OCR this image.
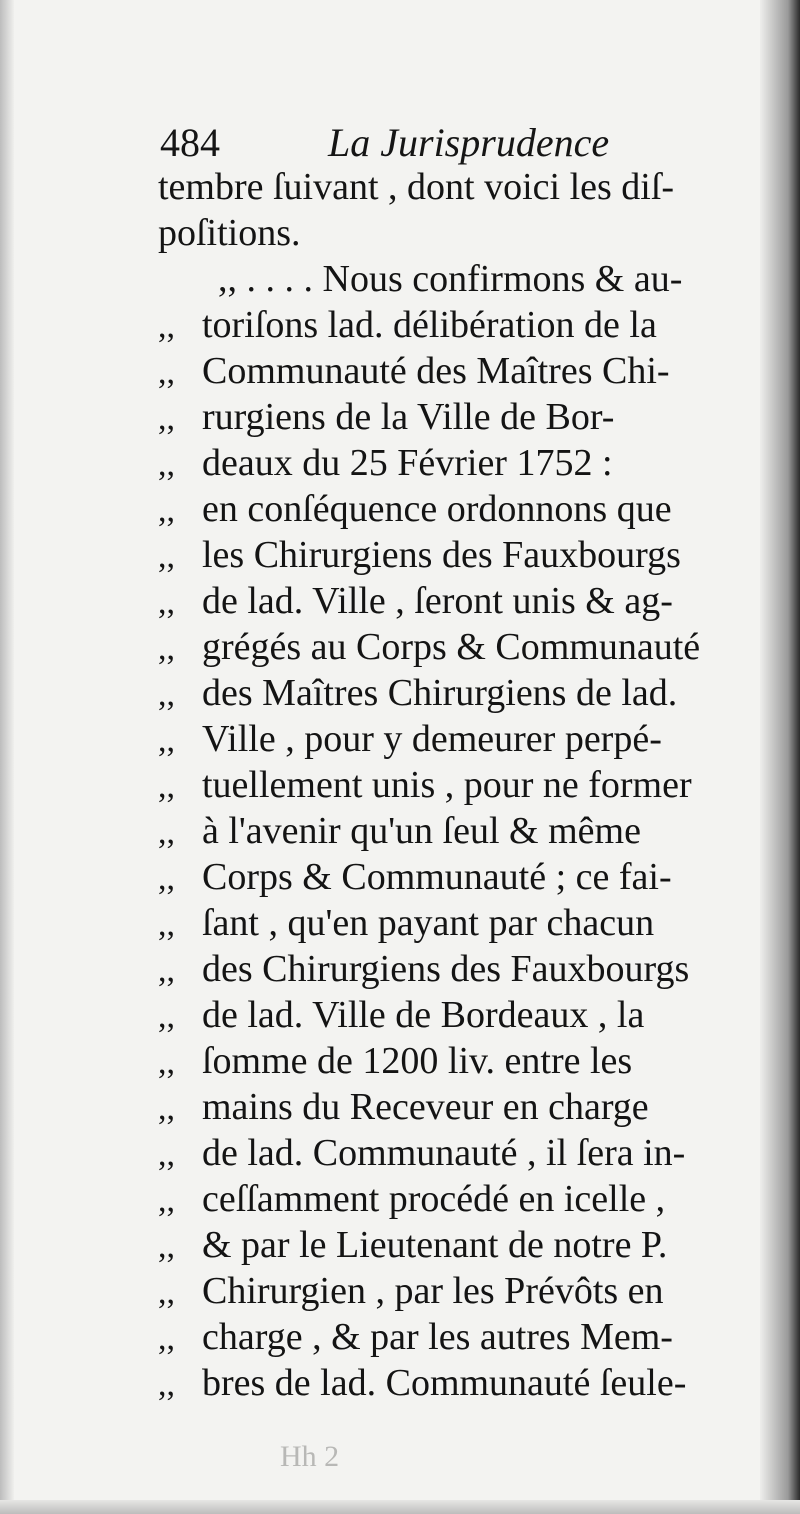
484	La Jurisprudence
tembre ſuivant , dont voici les diſ-
poſitions.
,, . . . . Nous confirmons & au-
,, toriſons lad. délibération de la
,, Communauté des Maîtres Chi-
,, rurgiens de la Ville de Bor-
,, deaux du 25 Février 1752 :
,, en conſéquence ordonnons que
,, les Chirurgiens des Fauxbourgs
,, de lad. Ville , ſeront unis & ag-
,, grégés au Corps & Communauté
,, des Maîtres Chirurgiens de lad.
,, Ville , pour y demeurer perpé-
,, tuellement unis , pour ne former
,, à l'avenir qu'un ſeul & même
,, Corps & Communauté ; ce fai-
,, ſant , qu'en payant par chacun
,, des Chirurgiens des Fauxbourgs
,, de lad. Ville de Bordeaux , la
,, ſomme de 1200 liv. entre les
,, mains du Receveur en charge
,, de lad. Communauté , il ſera in-
,, ceſſamment procédé en icelle ,
,, & par le Lieutenant de notre P.
,, Chirurgien , par les Prévôts en
,, charge , & par les autres Mem-
,, bres de lad. Communauté ſeule-
Hh 2
